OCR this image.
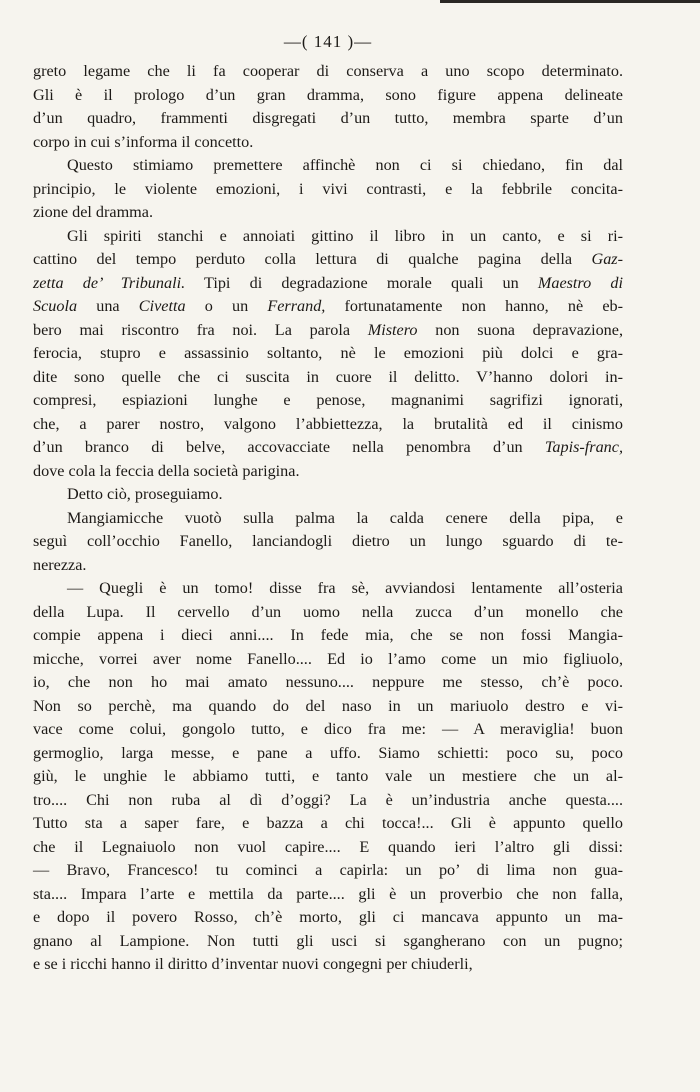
—( 141 )—
greto legame che li fa cooperar di conserva a uno scopo determinato.
Gli è il prologo d’un gran dramma, sono figure appena delineate
d’un quadro, frammenti disgregati d’un tutto, membra sparte d’un
corpo in cui s’informa il concetto.
Questo stimiamo premettere affinchè non ci si chiedano, fin dal
principio, le violente emozioni, i vivi contrasti, e la febbrile concita-
zione del dramma.
Gli spiriti stanchi e annoiati gittino il libro in un canto, e si ri-
cattino del tempo perduto colla lettura di qualche pagina della Gaz-
zetta de’ Tribunali. Tipi di degradazione morale quali un Maestro di
Scuola una Civetta o un Ferrand, fortunatamente non hanno, nè eb-
bero mai riscontro fra noi. La parola Mistero non suona depravazione,
ferocia, stupro e assassinio soltanto, nè le emozioni più dolci e gra-
dite sono quelle che ci suscita in cuore il delitto. V’hanno dolori in-
compresi, espiazioni lunghe e penose, magnanimi sagrifizi ignorati,
che, a parer nostro, valgono l’abbiettezza, la brutalità ed il cinismo
d’un branco di belve, accovacciate nella penombra d’un Tapis-franc,
dove cola la feccia della società parigina.
Detto ciò, proseguiamo.
Mangiamicche vuotò sulla palma la calda cenere della pipa, e
seguì coll’occhio Fanello, lanciandogli dietro un lungo sguardo di te-
nerezza.
— Quegli è un tomo! disse fra sè, avviandosi lentamente all’osteria
della Lupa. Il cervello d’un uomo nella zucca d’un monello che
compie appena i dieci anni.... In fede mia, che se non fossi Mangia-
micche, vorrei aver nome Fanello.... Ed io l’amo come un mio figliuolo,
io, che non ho mai amato nessuno.... neppure me stesso, ch’è poco.
Non so perchè, ma quando do del naso in un mariuolo destro e vi-
vace come colui, gongolo tutto, e dico fra me: — A meraviglia! buon
germoglio, larga messe, e pane a uffo. Siamo schietti: poco su, poco
giù, le unghie le abbiamo tutti, e tanto vale un mestiere che un al-
tro.... Chi non ruba al dì d’oggi? La è un’industria anche questa....
Tutto sta a saper fare, e bazza a chi tocca!... Gli è appunto quello
che il Legnaiuolo non vuol capire.... E quando ieri l’altro gli dissi:
— Bravo, Francesco! tu cominci a capirla: un po’ di lima non gua-
sta.... Impara l’arte e mettila da parte.... gli è un proverbio che non falla,
e dopo il povero Rosso, ch’è morto, gli ci mancava appunto un ma-
gnano al Lampione. Non tutti gli usci si sgangherano con un pugno;
e se i ricchi hanno il diritto d’inventar nuovi congegni per chiuderli,
